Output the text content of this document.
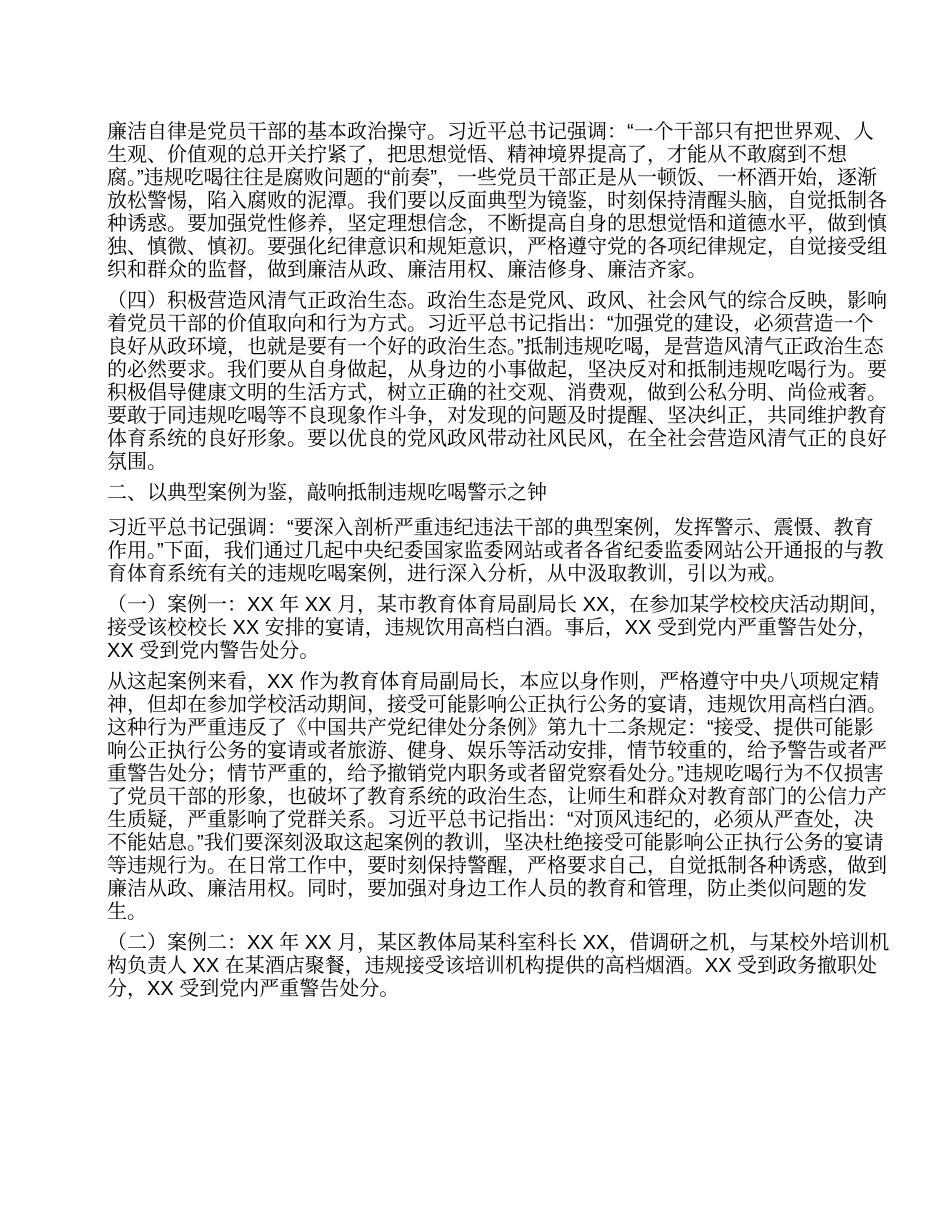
廉洁自律是党员干部的基本政治操守。习近平总书记强调：“一个干部只有把世界观、人生观、价值观的总开关拧紧了，把思想觉悟、精神境界提高了，才能从不敢腐到不想腐。”违规吃喝往往是腐败问题的“前奏”，一些党员干部正是从一顿饭、一杯酒开始，逐渐放松警惕，陷入腐败的泥潭。我们要以反面典型为镜鉴，时刻保持清醒头脑，自觉抵制各种诱惑。要加强党性修养，坚定理想信念，不断提高自身的思想觉悟和道德水平，做到慎独、慎微、慎初。要强化纪律意识和规矩意识，严格遵守党的各项纪律规定，自觉接受组织和群众的监督，做到廉洁从政、廉洁用权、廉洁修身、廉洁齐家。

（四）积极营造风清气正政治生态。政治生态是党风、政风、社会风气的综合反映，影响着党员干部的价值取向和行为方式。习近平总书记指出：“加强党的建设，必须营造一个良好从政环境，也就是要有一个好的政治生态。”抵制违规吃喝，是营造风清气正政治生态的必然要求。我们要从自身做起，从身边的小事做起，坚决反对和抵制违规吃喝行为。要积极倡导健康文明的生活方式，树立正确的社交观、消费观，做到公私分明、尚俭戒奢。要敢于同违规吃喝等不良现象作斗争，对发现的问题及时提醒、坚决纠正，共同维护教育体育系统的良好形象。要以优良的党风政风带动社风民风，在全社会营造风清气正的良好氛围。

二、以典型案例为鉴，敲响抵制违规吃喝警示之钟

习近平总书记强调：“要深入剖析严重违纪违法干部的典型案例，发挥警示、震慑、教育作用。”下面，我们通过几起中央纪委国家监委网站或者各省纪委监委网站公开通报的与教育体育系统有关的违规吃喝案例，进行深入分析，从中汲取教训，引以为戒。

（一）案例一：XX 年 XX 月，某市教育体育局副局长 XX，在参加某学校校庆活动期间，接受该校校长 XX 安排的宴请，违规饮用高档白酒。事后，XX 受到党内严重警告处分，XX 受到党内警告处分。

从这起案例来看，XX 作为教育体育局副局长，本应以身作则，严格遵守中央八项规定精神，但却在参加学校活动期间，接受可能影响公正执行公务的宴请，违规饮用高档白酒。这种行为严重违反了《中国共产党纪律处分条例》第九十二条规定：“接受、提供可能影响公正执行公务的宴请或者旅游、健身、娱乐等活动安排，情节较重的，给予警告或者严重警告处分；情节严重的，给予撤销党内职务或者留党察看处分。”违规吃喝行为不仅损害了党员干部的形象，也破坏了教育系统的政治生态，让师生和群众对教育部门的公信力产生质疑，严重影响了党群关系。习近平总书记指出：“对顶风违纪的，必须从严查处，决不能姑息。”我们要深刻汲取这起案例的教训，坚决杜绝接受可能影响公正执行公务的宴请等违规行为。在日常工作中，要时刻保持警醒，严格要求自己，自觉抵制各种诱惑，做到廉洁从政、廉洁用权。同时，要加强对身边工作人员的教育和管理，防止类似问题的发生。

（二）案例二：XX 年 XX 月，某区教体局某科室科长 XX，借调研之机，与某校外培训机构负责人 XX 在某酒店聚餐，违规接受该培训机构提供的高档烟酒。XX 受到政务撤职处分，XX 受到党内严重警告处分。
